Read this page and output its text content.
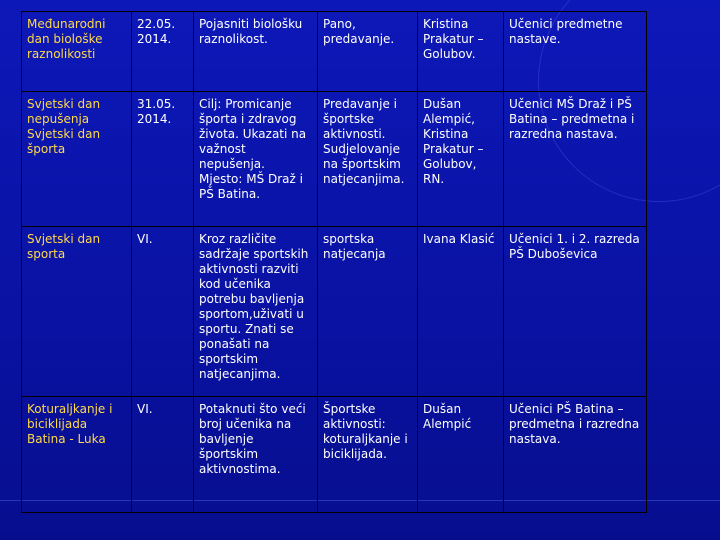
Međunarodni dan biološke raznolikosti	22.05. 2014.	Pojasniti biološku raznolikost.	Pano, predavanje.	Kristina Prakatur – Golubov.	Učenici predmetne nastave.
Svjetski dan nepušenja Svjetski dan športa	31.05. 2014.	Cilj: Promicanje športa i zdravog života. Ukazati na važnost nepušenja. Mjesto: MŠ Draž i PŠ Batina.	Predavanje i športske aktivnosti. Sudjelovanje na športskim natjecanjima.	Dušan Alempić, Kristina Prakatur – Golubov, RN.	Učenici MŠ Draž i PŠ Batina – predmetna i razredna nastava.
Svjetski dan sporta	VI.	Kroz različite sadržaje sportskih aktivnosti razviti kod učenika potrebu bavljenja sportom,uživati u sportu. Znati se ponašati na sportskim natjecanjima.	sportska natjecanja	Ivana Klasić	Učenici 1. i 2. razreda PŠ Duboševica
Koturaljkanje i biciklijada Batina - Luka	VI.	Potaknuti što veći broj učenika na bavljenje športskim aktivnostima.	Športske aktivnosti: koturaljkanje i biciklijada.	Dušan Alempić	Učenici PŠ Batina – predmetna i razredna nastava.
